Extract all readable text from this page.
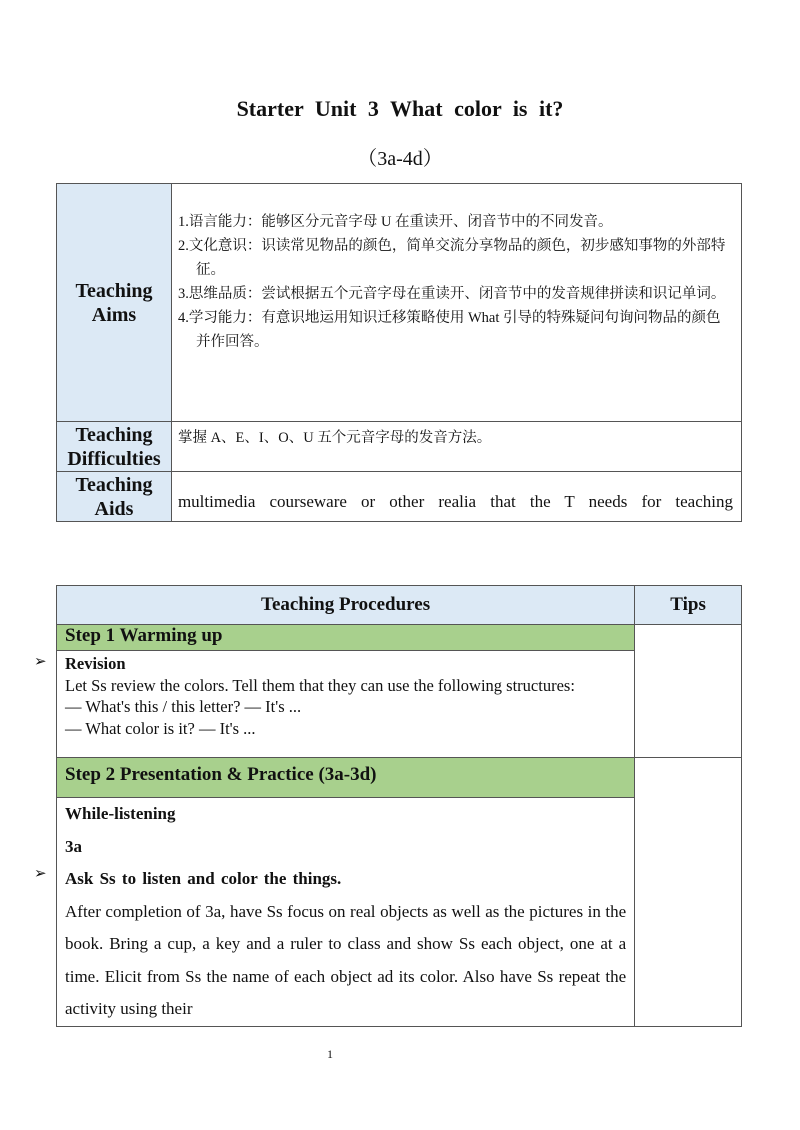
Starter Unit 3 What color is it?
（3a-4d）
Teaching Aims	1.语言能力：能够区分元音字母 U 在重读开、闭音节中的不同发音。

2.文化意识：识读常见物品的颜色，简单交流分享物品的颜色，初步感知事物的外部特征。

3.思维品质：尝试根据五个元音字母在重读开、闭音节中的发音规律拼读和识记单词。

4.学习能力：有意识地运用知识迁移策略使用 What 引导的特殊疑问句询问物品的颜色并作回答。

Teaching Difficulties	掌握 A、E、I、O、U 五个元音字母的发音方法。
Teaching Aids	multimedia courseware or other realia that the T needs for teaching
Teaching Procedures	Tips
Step 1 Warming up	

Revision
Let Ss review the colors. Tell them that they can use the following structures:
— What's this / this letter? — It's ...
— What color is it? — It's ...	

Step 2 Presentation & Practice (3a-3d)	

While-listening
3a
Ask Ss to listen and color the things.
After completion of 3a, have Ss focus on real objects as well as the pictures in the book. Bring a cup, a key and a ruler to class and show Ss each object, one at a time. Elicit from Ss the name of each object ad its color. Also have Ss repeat the activity using their	
➢
➢
1
